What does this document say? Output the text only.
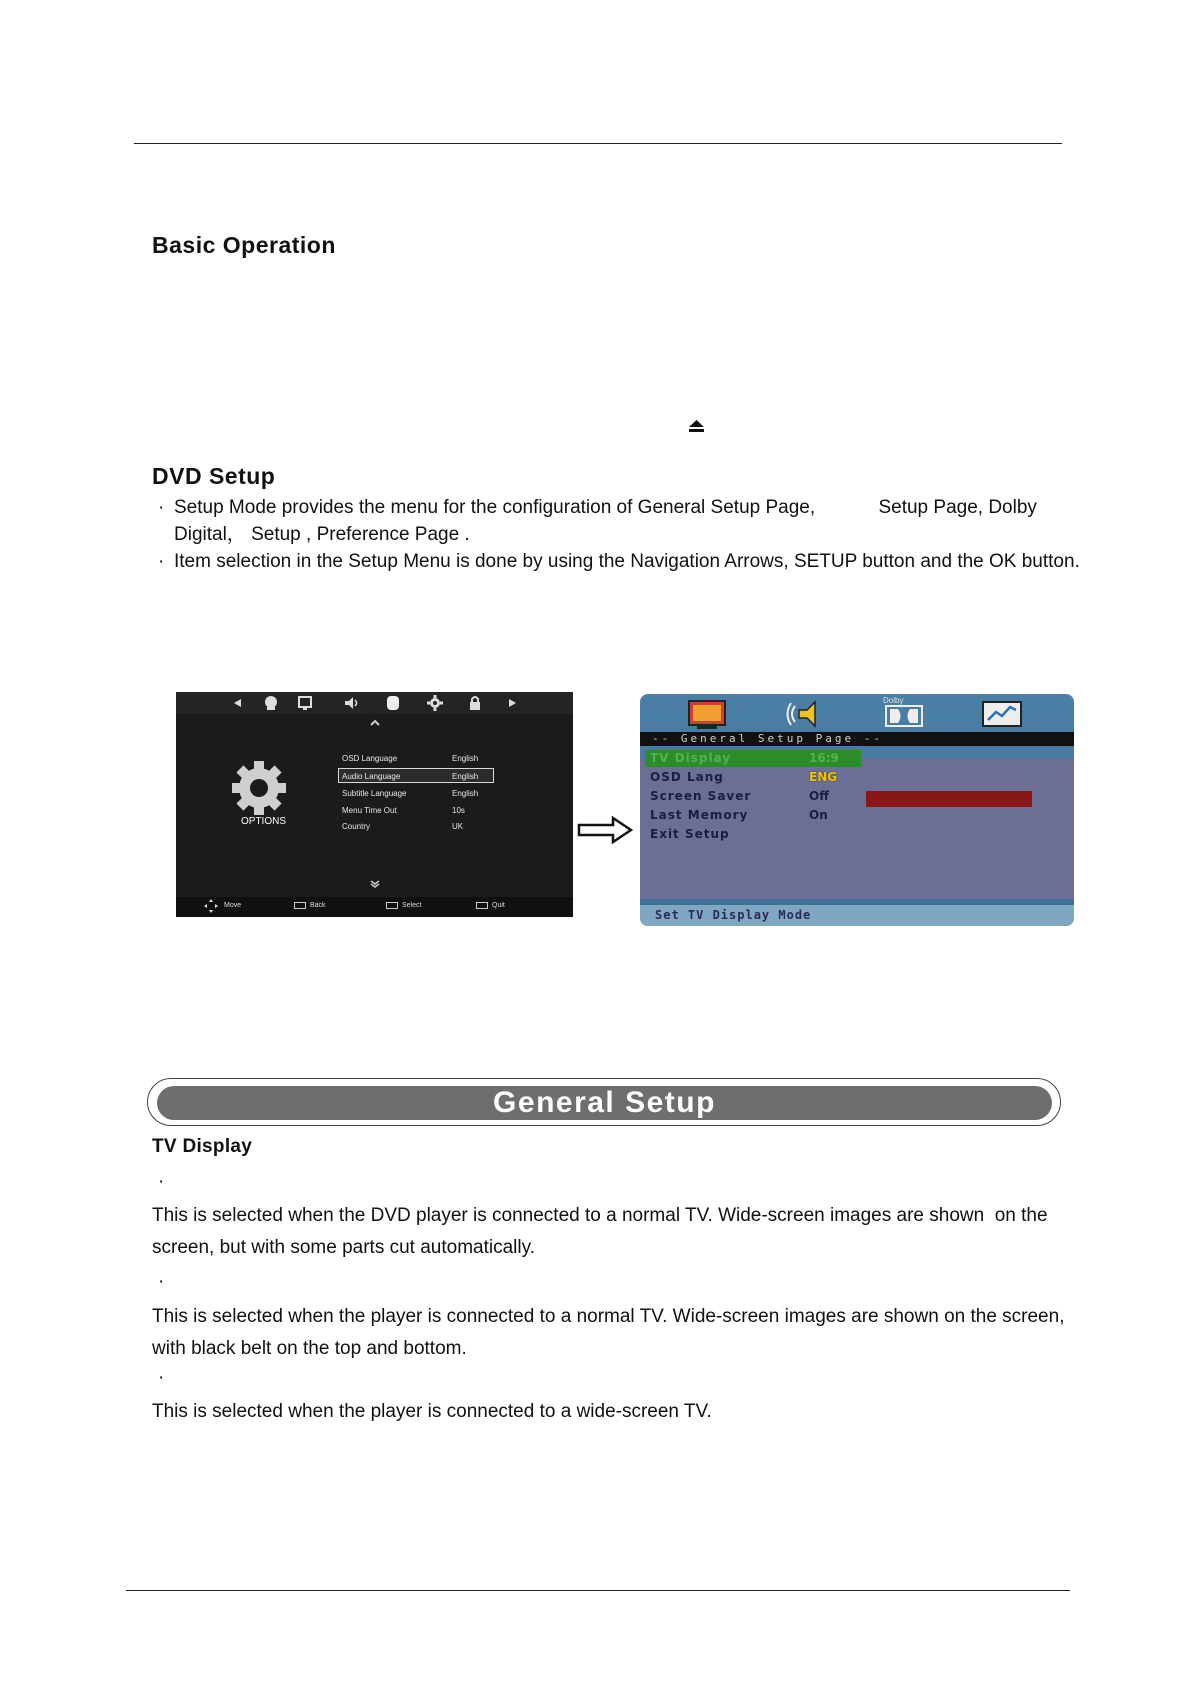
Basic Operation
DVD Setup
· Setup Mode provides the menu for the configuration of General Setup Page,            Setup Page, Dolby Digital， Setup , Preference Page .
· Item selection in the Setup Menu is done by using the Navigation Arrows, SETUP button and the OK button.
OPTIONS
OSD Language	English
Audio Language	English
Subtitle Language	English
Menu Time Out	10s
Country	UK
Move	Back	Select	Quit
Dolby
-- General Setup Page --
TV Display	16:9
OSD Lang	ENG
Screen Saver	Off
Last Memory	On
Exit Setup
Set TV Display Mode
General Setup
TV Display
·
This is selected when the DVD player is connected to a normal TV. Wide-screen images are shown  on the screen, but with some parts cut automatically.
·
This is selected when the player is connected to a normal TV. Wide-screen images are shown on the screen, with black belt on the top and bottom.
·
This is selected when the player is connected to a wide-screen TV.
